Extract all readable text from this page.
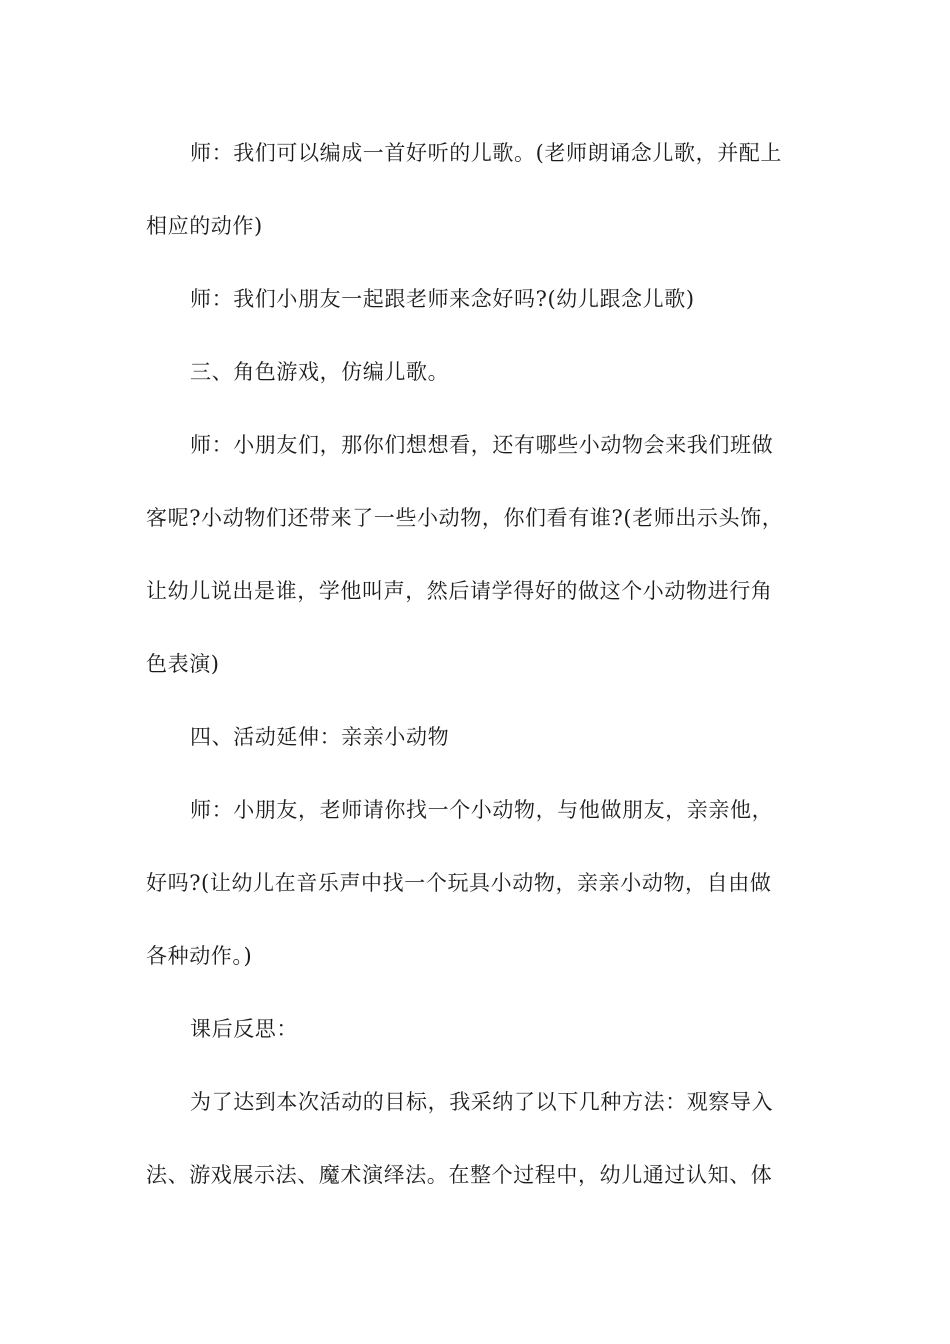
师：我们可以编成一首好听的儿歌。(老师朗诵念儿歌，并配上

相应的动作)

师：我们小朋友一起跟老师来念好吗?(幼儿跟念儿歌)

三、角色游戏，仿编儿歌。

师：小朋友们，那你们想想看，还有哪些小动物会来我们班做

客呢?小动物们还带来了一些小动物，你们看有谁?(老师出示头饰，

让幼儿说出是谁，学他叫声，然后请学得好的做这个小动物进行角

色表演)

四、活动延伸：亲亲小动物

师：小朋友，老师请你找一个小动物，与他做朋友，亲亲他，

好吗?(让幼儿在音乐声中找一个玩具小动物，亲亲小动物，自由做

各种动作。)

课后反思：

为了达到本次活动的目标，我采纳了以下几种方法：观察导入

法、游戏展示法、魔术演绎法。在整个过程中，幼儿通过认知、体
